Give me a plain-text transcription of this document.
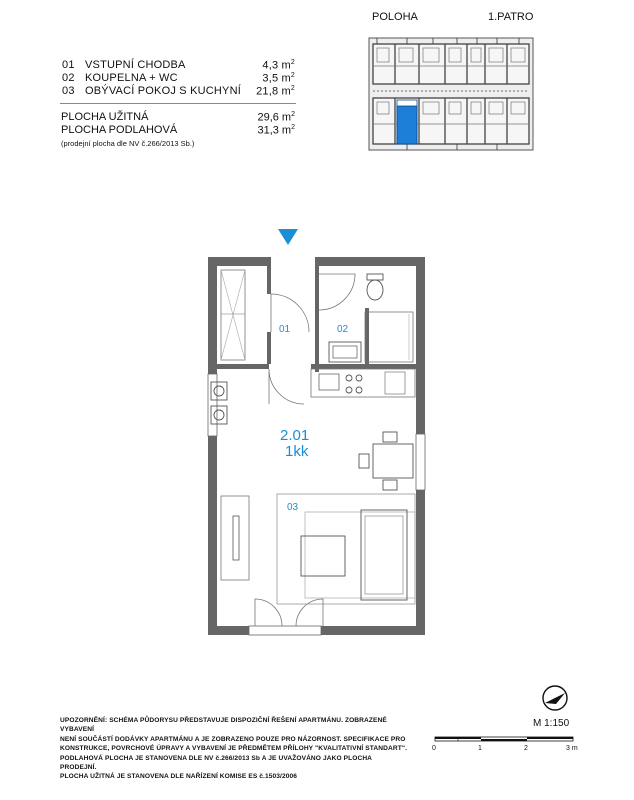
POLOHA	1.PATRO
01 VSTUPNÍ CHODBA	4,3 $m^2$
02 KOUPELNA + WC	3,5 $m^2$
03 OBÝVACÍ POKOJ S KUCHYNÍ 21,8 $m^2$
PLOCHA UŽITNÁ	29,6 $m^2$
PLOCHA PODLAHOVÁ	31,3 $m^2$
(prodejní plocha dle NV č.266/2013 Sb.)
01	02
03
2.01
1kk
UPOZORNĚNÍ: SCHÉMA PŮDORYSU PŘEDSTAVUJE DISPOZIČNÍ ŘEŠENÍ APARTMÁNU. ZOBRAZENÉ VYBAVENÍ
NENÍ SOUČÁSTÍ DODÁVKY APARTMÁNU A JE ZOBRAZENO POUZE PRO NÁZORNOST. SPECIFIKACE PRO
KONSTRUKCE, POVRCHOVÉ ÚPRAVY A VYBAVENÍ JE PŘEDMĚTEM PŘÍLOHY "KVALITATIVNÍ STANDART".
PODLAHOVÁ PLOCHA JE STANOVENA DLE NV č.266/2013 Sb A JE UVAŽOVÁNO JAKO PLOCHA PRODEJNÍ.
PLOCHA UŽITNÁ JE STANOVENA DLE NAŘÍZENÍ KOMISE ES č.1503/2006
M 1:150
0	1	2	3 m
